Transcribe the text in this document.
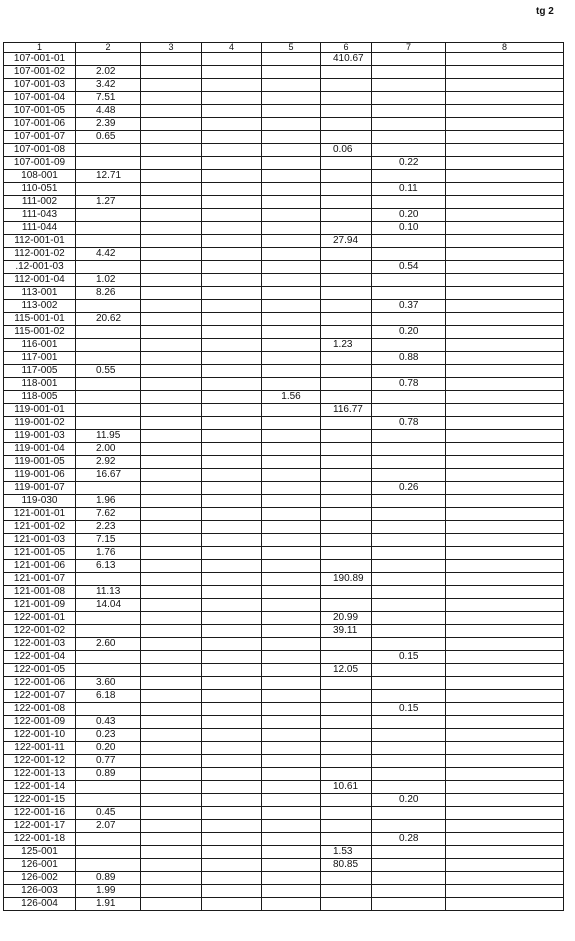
tg 2
1	2	3	4	5	6	7	8
107-001-01					410.67		
107-001-02	2.02						
107-001-03	3.42						
107-001-04	7.51						
107-001-05	4.48						
107-001-06	2.39						
107-001-07	0.65						
107-001-08					0.06		
107-001-09						0.22	
108-001	12.71						
110-051						0.11	
111-002	1.27						
111-043						0.20	
111-044						0.10	
112-001-01					27.94		
112-001-02	4.42						
.12-001-03						0.54	
112-001-04	1.02						
113-001	8.26						
113-002						0.37	
115-001-01	20.62						
115-001-02						0.20	
116-001					1.23		
117-001						0.88	
117-005	0.55						
118-001						0.78	
118-005				1.56			
119-001-01					116.77		
119-001-02						0.78	
119-001-03	11.95						
119-001-04	2.00						
119-001-05	2.92						
119-001-06	16.67						
119-001-07						0.26	
119-030	1.96						
121-001-01	7.62						
121-001-02	2.23						
121-001-03	7.15						
121-001-05	1.76						
121-001-06	6.13						
121-001-07					190.89		
121-001-08	11.13						
121-001-09	14.04						
122-001-01					20.99		
122-001-02					39.11		
122-001-03	2.60						
122-001-04						0.15	
122-001-05					12.05		
122-001-06	3.60						
122-001-07	6.18						
122-001-08						0.15	
122-001-09	0.43						
122-001-10	0.23						
122-001-11	0.20						
122-001-12	0.77						
122-001-13	0.89						
122-001-14					10.61		
122-001-15						0.20	
122-001-16	0.45						
122-001-17	2.07						
122-001-18						0.28	
125-001					1.53		
126-001					80.85		
126-002	0.89						
126-003	1.99						
126-004	1.91						
